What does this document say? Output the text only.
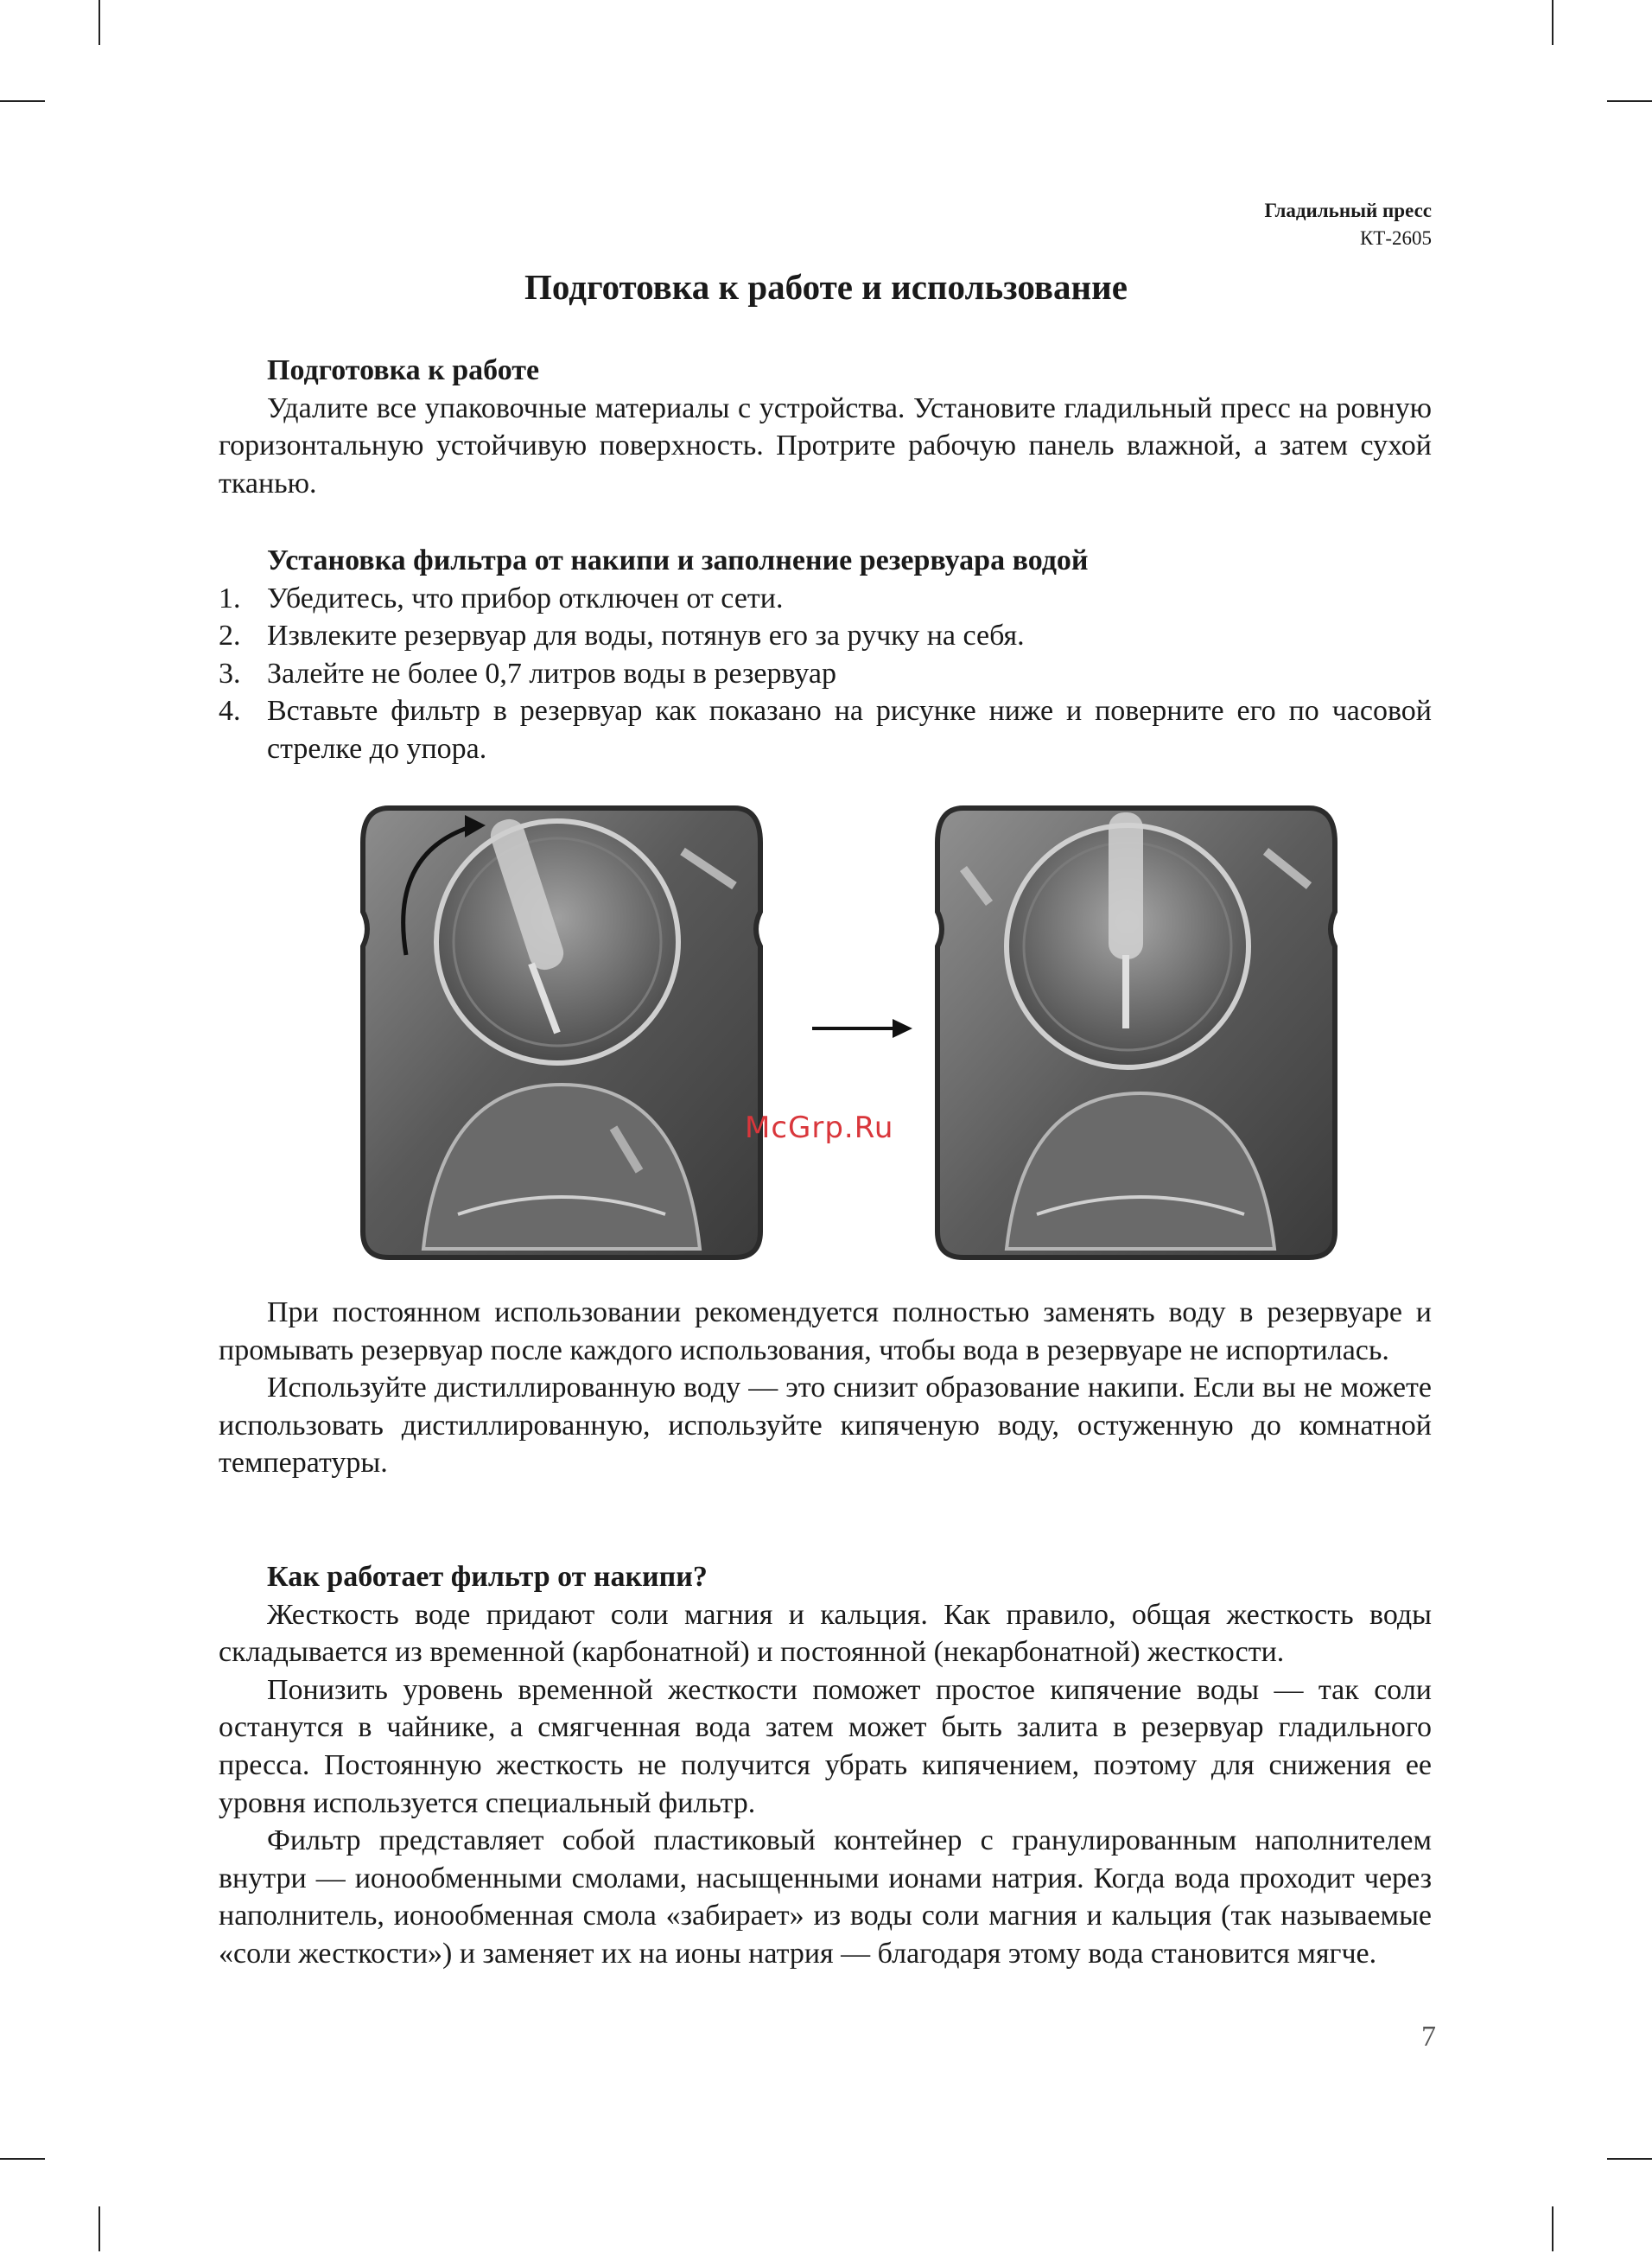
Гладильный пресс
КТ-2605
Подготовка к работе и использование
Подготовка к работе

Удалите все упаковочные материалы с устройства. Установите гладильный пресс на ровную горизонтальную устойчивую поверхность. Протрите рабочую панель влажной, а затем сухой тканью.

Установка фильтра от накипи и заполнение резервуара водой
1. Убедитесь, что прибор отключен от сети.
2. Извлеките резервуар для воды, потянув его за ручку на себя.
3. Залейте не более 0,7 литров воды в резервуар
4. Вставьте фильтр в резервуар как показано на рисунке ниже и поверните его по часовой стрелке до упора.
McGrp.Ru

При постоянном использовании рекомендуется полностью заменять воду в резервуаре и промывать резервуар после каждого использования, чтобы вода в резервуаре не испортилась.

Используйте дистиллированную воду — это снизит образование накипи. Если вы не можете использовать дистиллированную, используйте кипяченую воду, остуженную до комнатной температуры.

Как работает фильтр от накипи?

Жесткость воде придают соли магния и кальция. Как правило, общая жесткость воды складывается из временной (карбонатной) и постоянной (некарбонатной) жесткости.

Понизить уровень временной жесткости поможет простое кипячение воды — так соли останутся в чайнике, а смягченная вода затем может быть залита в резервуар гладильного пресса. Постоянную жесткость не получится убрать кипячением, поэтому для снижения ее уровня используется специальный фильтр.

Фильтр представляет собой пластиковый контейнер с гранулированным наполнителем внутри — ионообменными смолами, насыщенными ионами натрия. Когда вода проходит через наполнитель, ионообменная смола «забирает» из воды соли магния и кальция (так называемые «соли жесткости») и заменяет их на ионы натрия — благодаря этому вода становится мягче.

7
